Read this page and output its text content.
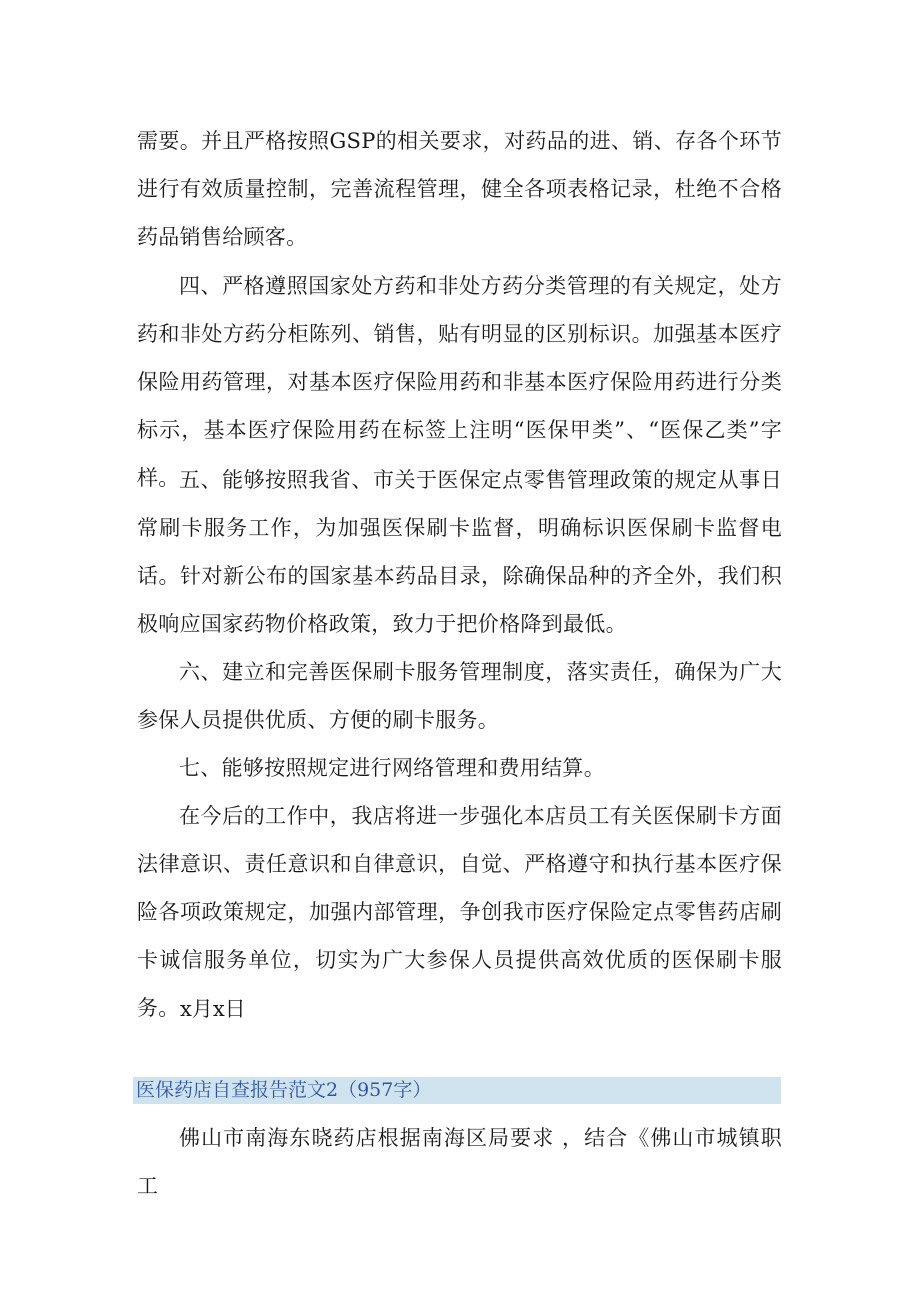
需要。并且严格按照GSP的相关要求，对药品的进、销、存各个环节进行有效质量控制，完善流程管理，健全各项表格记录，杜绝不合格药品销售给顾客。

四、严格遵照国家处方药和非处方药分类管理的有关规定，处方药和非处方药分柜陈列、销售，贴有明显的区别标识。加强基本医疗保险用药管理，对基本医疗保险用药和非基本医疗保险用药进行分类标示，基本医疗保险用药在标签上注明“医保甲类”、“医保乙类”字样。 五、能够按照我省、市关于医保定点零售管理政策的规定从事日常刷卡服务工作，为加强医保刷卡监督，明确标识医保刷卡监督电话。针对新公布的国家基本药品目录，除确保品种的齐全外，我们积极响应国家药物价格政策，致力于把价格降到最低。

六、建立和完善医保刷卡服务管理制度，落实责任，确保为广大参保人员提供优质、方便的刷卡服务。

七、能够按照规定进行网络管理和费用结算。

在今后的工作中，我店将进一步强化本店员工有关医保刷卡方面法律意识、责任意识和自律意识，自觉、严格遵守和执行基本医疗保险各项政策规定，加强内部管理，争创我市医疗保险定点零售药店刷卡诚信服务单位，切实为广大参保人员提供高效优质的医保刷卡服务。 x月x日

医保药店自查报告范文2（957字）

佛山市南海东晓药店根据南海区局要求 ，结合《佛山市城镇职工
